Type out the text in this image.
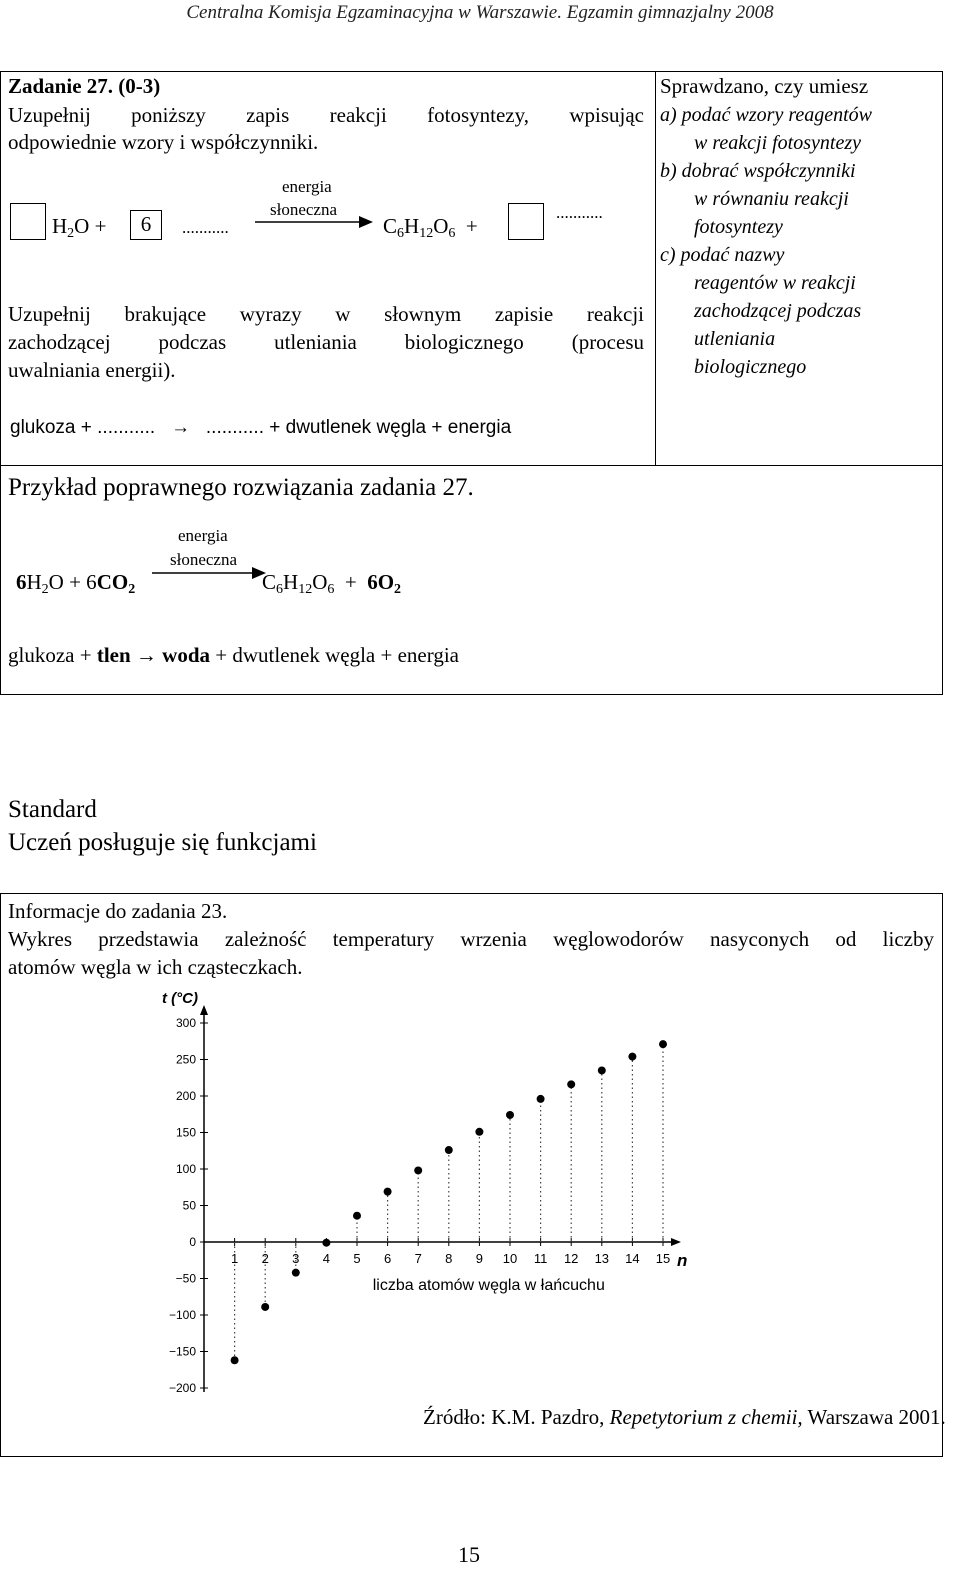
Centralna Komisja Egzaminacyjna w Warszawie. Egzamin gimnazjalny 2008
Zadanie 27. (0-3)
Uzupełnij poniższy zapis reakcji fotosyntezy, wpisując
odpowiednie wzory i współczynniki.
$H_2O$ +	6	...........
energia
słoneczna
$C_6H_{12}O_6$ +
...........
Uzupełnij brakujące wyrazy w słownym zapisie reakcji
zachodzącej podczas utleniania biologicznego (procesu
uwalniania energii).
glukoza + ........... → ........... + dwutlenek węgla + energia
Sprawdzano, czy umiesz
a) podać wzory reagentów
w reakcji fotosyntezy
b) dobrać współczynniki
w równaniu reakcji
fotosyntezy
c) podać nazwy
reagentów w reakcji
zachodzącej podczas
utleniania
biologicznego
Przykład poprawnego rozwiązania zadania 27.
energia
słoneczna
$6H_2O + 6CO_2$	$C_6H_{12}O_6 + 6O_2$
glukoza + tlen → woda + dwutlenek węgla + energia
Standard
Uczeń posługuje się funkcjami
Informacje do zadania 23.
Wykres przedstawia zależność temperatury wrzenia węglowodorów nasyconych od liczby
atomów węgla w ich cząsteczkach.
300
250
200
150
100
50
0
−50
−100
−150
−200
1 2 3 4 5 6 7 8 9 10 11 12 13 14 15
t (°C)
n
liczba atomów węgla w łańcuchu
Źródło: K.M. Pazdro, Repetytorium z chemii, Warszawa 2001.
15
